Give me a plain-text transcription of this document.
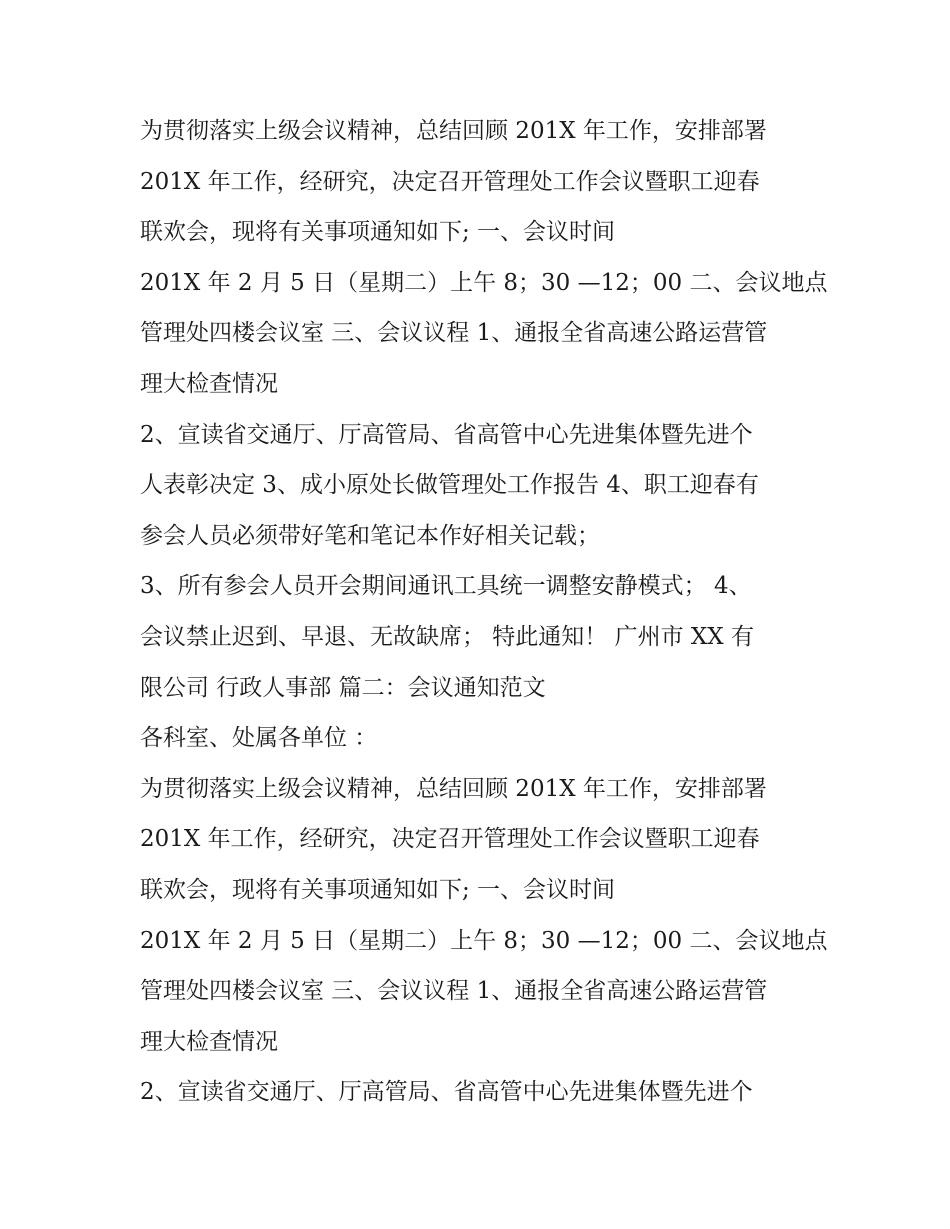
为贯彻落实上级会议精神，总结回顾 201X 年工作，安排部署
201X 年工作，经研究，决定召开管理处工作会议暨职工迎春
联欢会，现将有关事项通知如下; 一、会议时间
201X 年 2 月 5 日（星期二）上午 8；30 —12；00 二、会议地点
管理处四楼会议室 三、会议议程 1、通报全省高速公路运营管
理大检查情况
2、宣读省交通厅、厅高管局、省高管中心先进集体暨先进个
人表彰决定 3、成小原处长做管理处工作报告 4、职工迎春有
参会人员必须带好笔和笔记本作好相关记载；
3、所有参会人员开会期间通讯工具统一调整安静模式； 4、
会议禁止迟到、早退、无故缺席； 特此通知！ 广州市 XX 有
限公司 行政人事部 篇二：会议通知范文
各科室、处属各单位 ：
为贯彻落实上级会议精神，总结回顾 201X 年工作，安排部署
201X 年工作，经研究，决定召开管理处工作会议暨职工迎春
联欢会，现将有关事项通知如下; 一、会议时间
201X 年 2 月 5 日（星期二）上午 8；30 —12；00 二、会议地点
管理处四楼会议室 三、会议议程 1、通报全省高速公路运营管
理大检查情况
2、宣读省交通厅、厅高管局、省高管中心先进集体暨先进个
